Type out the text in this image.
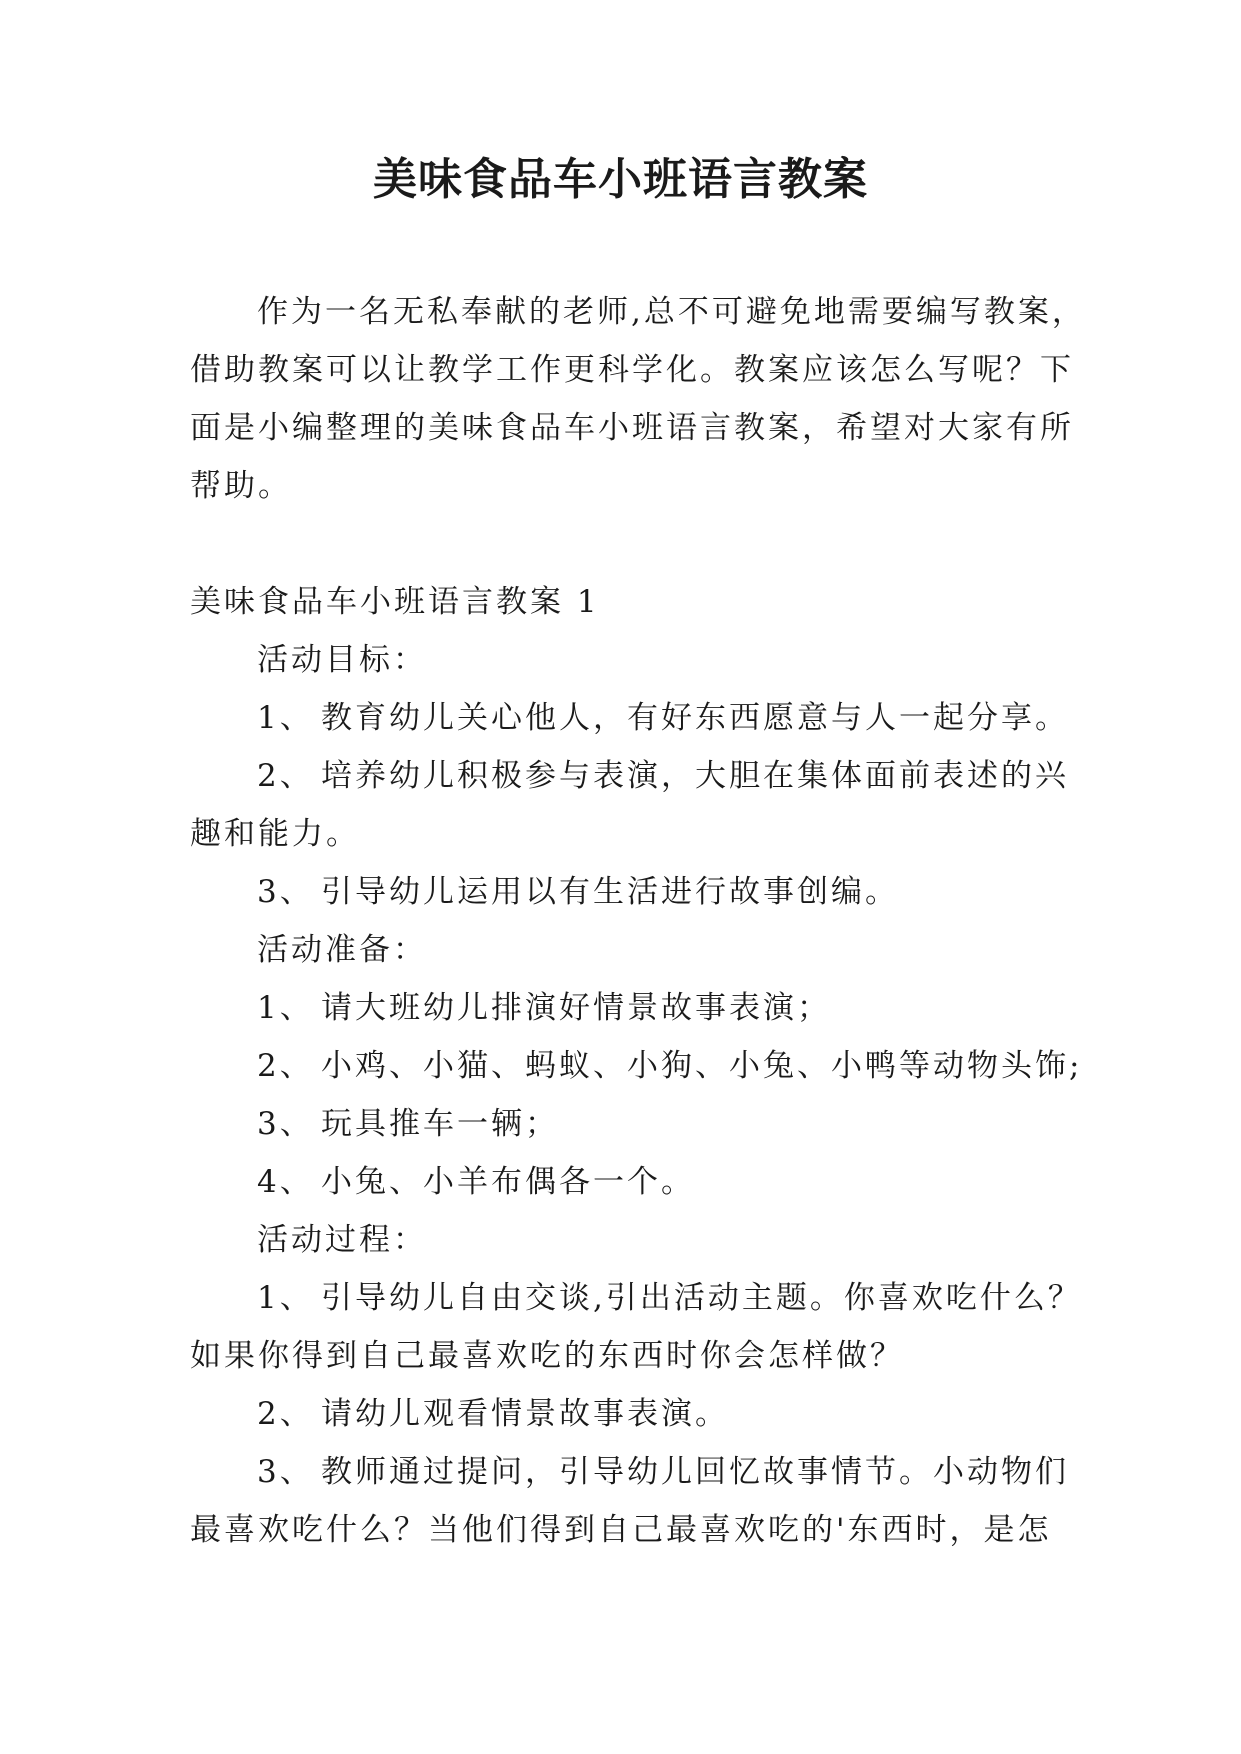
美味食品车小班语言教案
作为一名无私奉献的老师,总不可避免地需要编写教案，
借助教案可以让教学工作更科学化。教案应该怎么写呢？下
面是小编整理的美味食品车小班语言教案，希望对大家有所
帮助。
美味食品车小班语言教案 1
活动目标：
1、 教育幼儿关心他人，有好东西愿意与人一起分享。
2、 培养幼儿积极参与表演，大胆在集体面前表述的兴
趣和能力。
3、 引导幼儿运用以有生活进行故事创编。
活动准备：
1、 请大班幼儿排演好情景故事表演；
2、 小鸡、小猫、蚂蚁、小狗、小兔、小鸭等动物头饰;
3、 玩具推车一辆；
4、 小兔、小羊布偶各一个。
活动过程：
1、 引导幼儿自由交谈,引出活动主题。你喜欢吃什么？
如果你得到自己最喜欢吃的东西时你会怎样做？
2、 请幼儿观看情景故事表演。
3、 教师通过提问，引导幼儿回忆故事情节。小动物们
最喜欢吃什么？当他们得到自己最喜欢吃的'东西时，是怎
